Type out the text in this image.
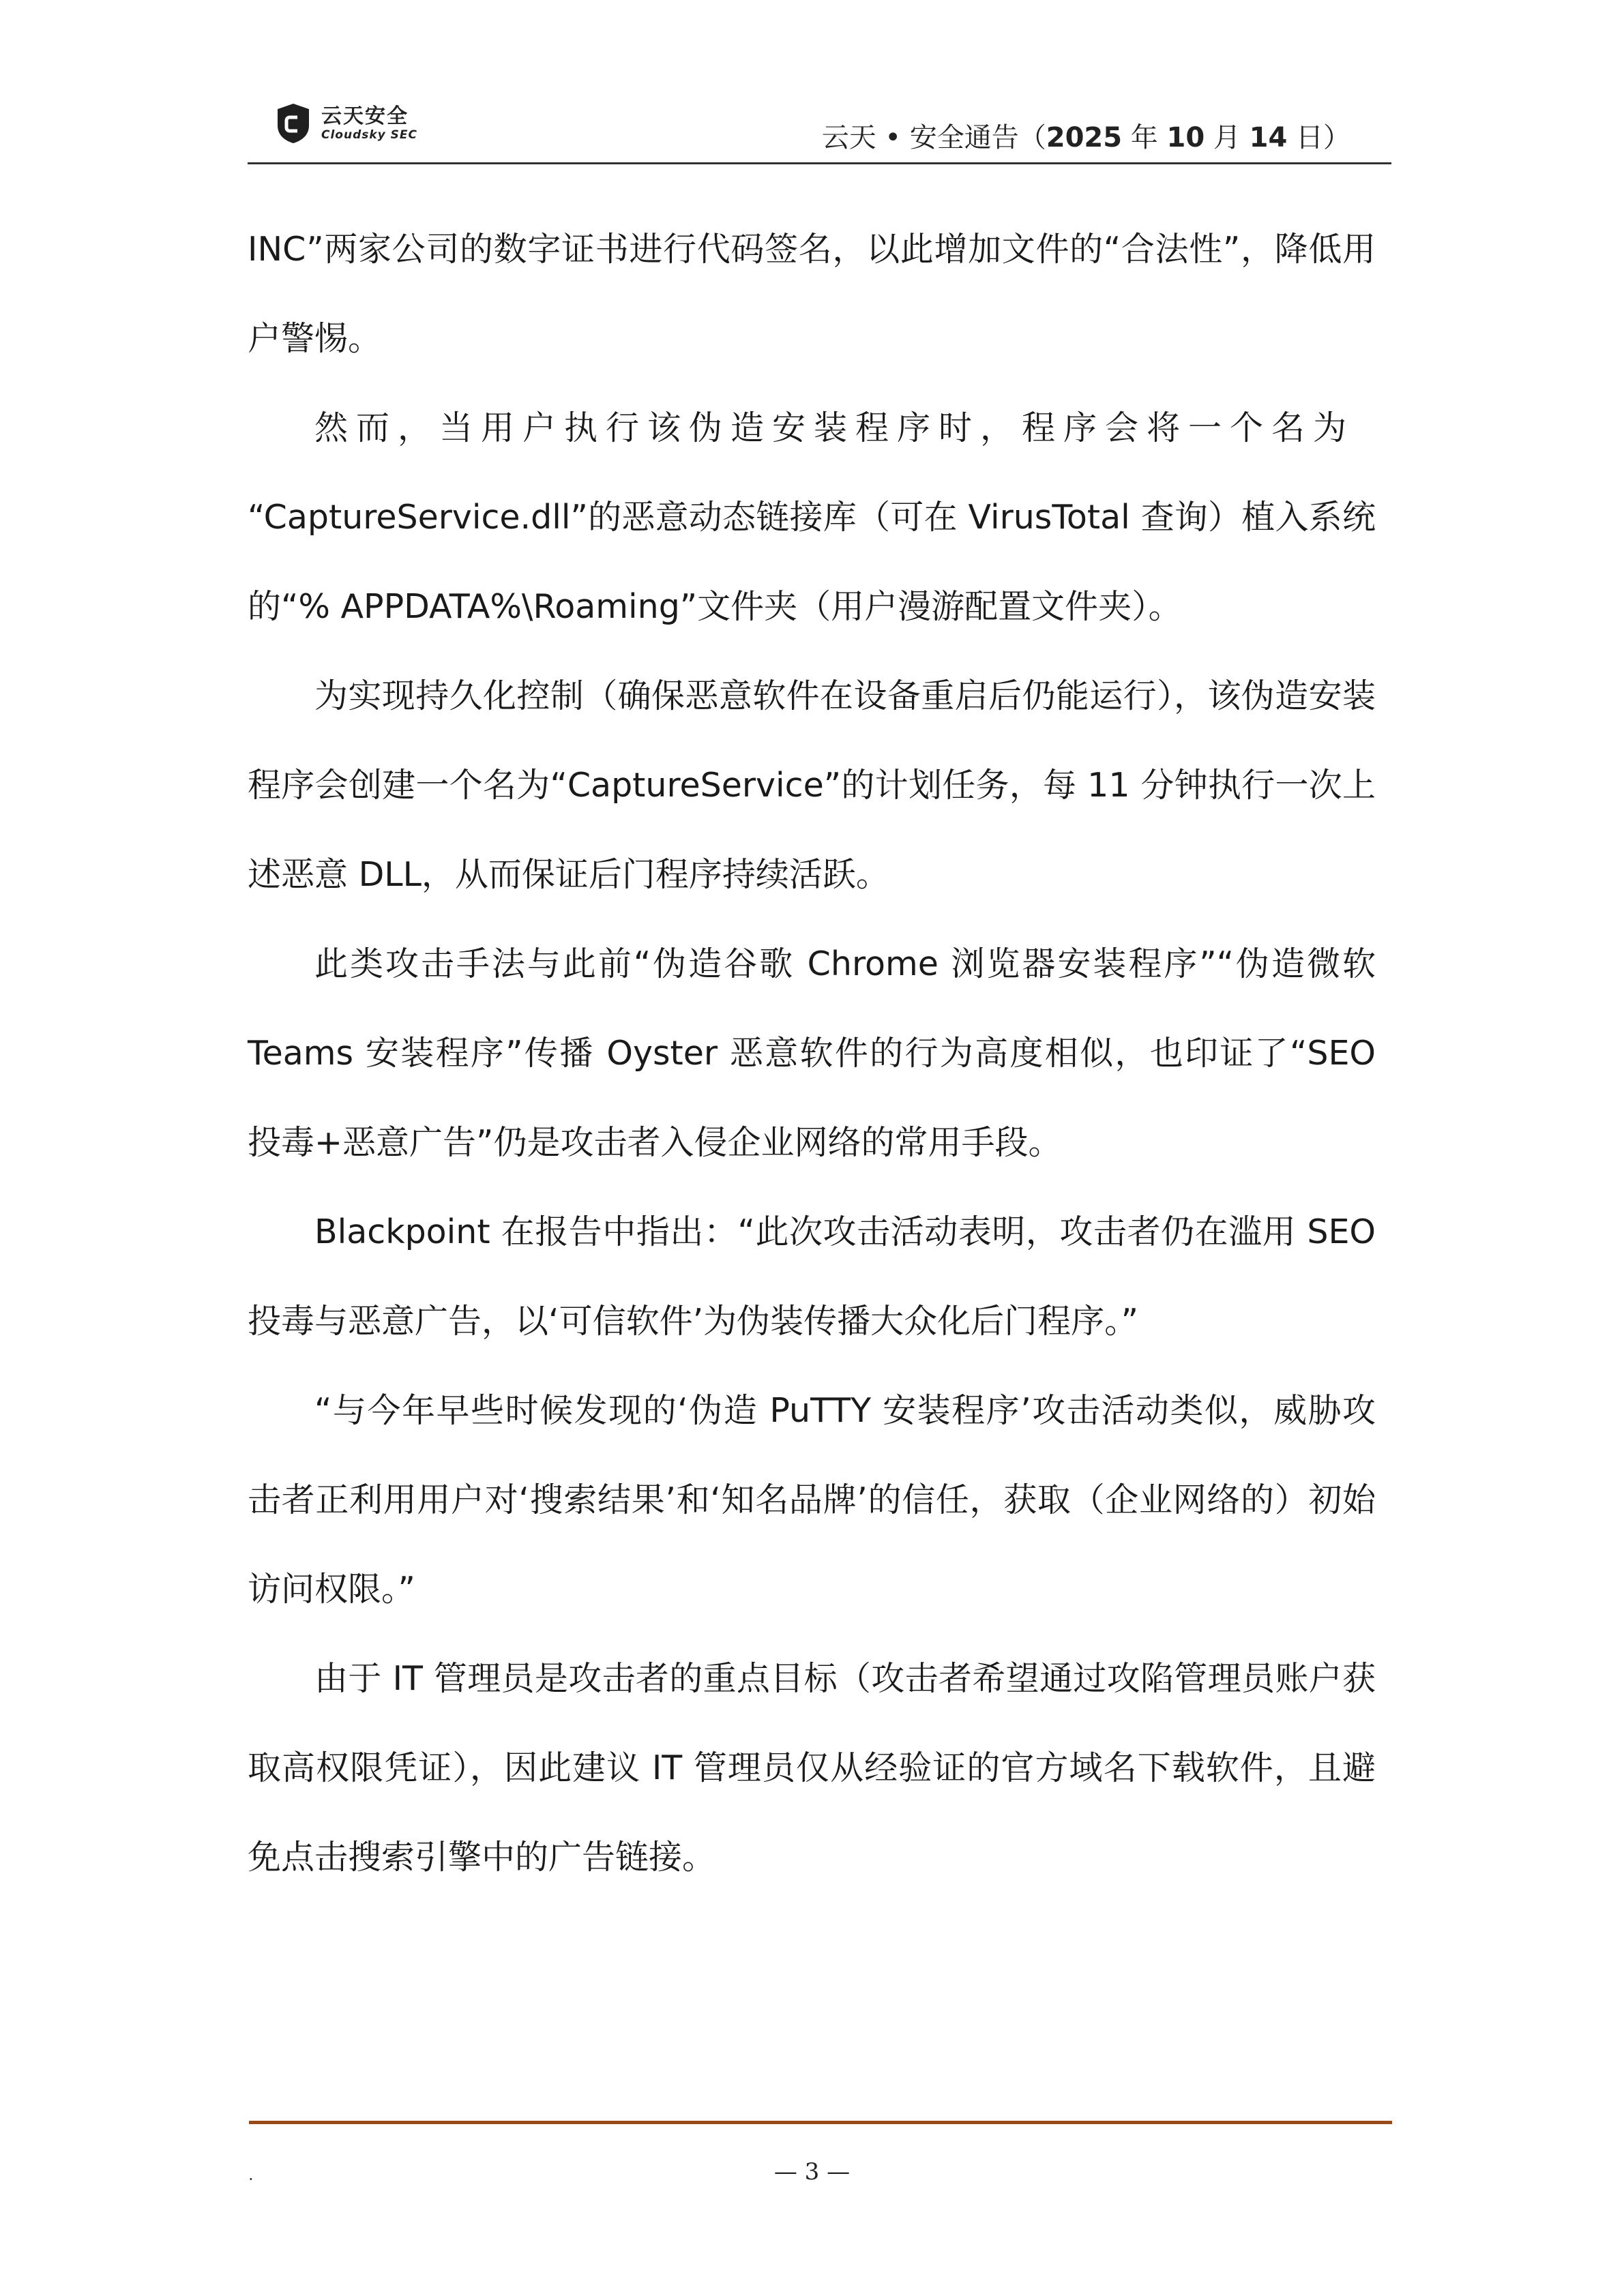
云天安全
Cloudsky SEC	云天 • 安全通告（2025 年 10 月 14 日）

INC”两家公司的数字证书进行代码签名，以此增加文件的“合法性”，降低用户警惕。

然而，当用户执行该伪造安装程序时，程序会将一个名为

“CaptureService.dll”的恶意动态链接库（可在 VirusTotal 查询）植入系统的“% APPDATA%\Roaming”文件夹（用户漫游配置文件夹）。

为实现持久化控制（确保恶意软件在设备重启后仍能运行），该伪造安装程序会创建一个名为“CaptureService”的计划任务，每 11 分钟执行一次上述恶意 DLL，从而保证后门程序持续活跃。

此类攻击手法与此前“伪造谷歌 Chrome 浏览器安装程序”“伪造微软 Teams 安装程序”传播 Oyster 恶意软件的行为高度相似，也印证了“SEO 投毒+恶意广告”仍是攻击者入侵企业网络的常用手段。

Blackpoint 在报告中指出：“此次攻击活动表明，攻击者仍在滥用 SEO 投毒与恶意广告，以‘可信软件’为伪装传播大众化后门程序。”

“与今年早些时候发现的‘伪造 PuTTY 安装程序’攻击活动类似，威胁攻击者正利用用户对‘搜索结果’和‘知名品牌’的信任，获取（企业网络的）初始访问权限。”

由于 IT 管理员是攻击者的重点目标（攻击者希望通过攻陷管理员账户获取高权限凭证），因此建议 IT 管理员仅从经验证的官方域名下载软件，且避免点击搜索引擎中的广告链接。

.	— 3 —
